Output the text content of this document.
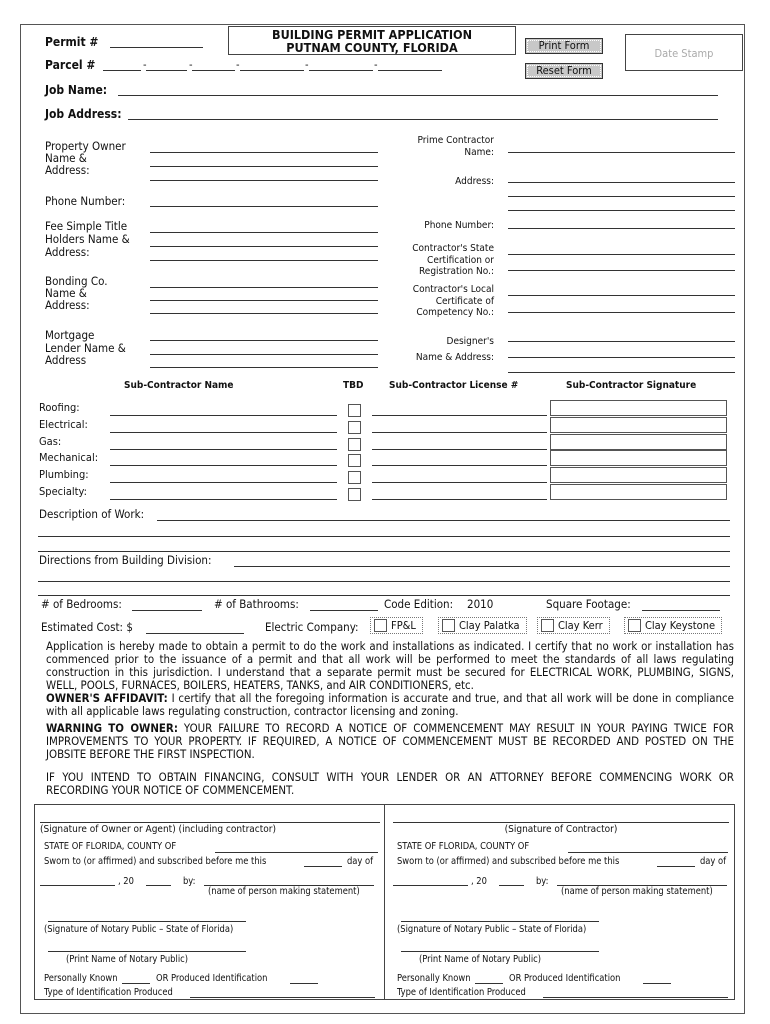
Permit #	BUILDING PERMIT APPLICATION
PUTNAM COUNTY, FLORIDA	Print Form
Reset Form
Date Stamp
Parcel #	-	-	-	-	-
Job Name:
Job Address:
Property Owner
Name &
Address:
Phone Number:
Fee Simple Title
Holders Name &
Address:
Bonding Co.
Name &
Address:
Mortgage
Lender Name &
Address
Prime Contractor
Name:
Address:
Phone Number:
Contractor's State
Certification or
Registration No.:
Contractor's Local
Certificate of
Competency No.:
Designer's
Name & Address:
Sub-Contractor Name	TBD	Sub-Contractor License #	Sub-Contractor Signature
Roofing:
Electrical:
Gas:
Mechanical:
Plumbing:
Specialty:
Description of Work:
Directions from Building Division:
# of Bedrooms:	# of Bathrooms:	Code Edition: 2010	Square Footage:
Estimated Cost: $	Electric Company:	FP&L	Clay Palatka	Clay Kerr	Clay Keystone
Application is hereby made to obtain a permit to do the work and installations as indicated. I certify that no work or installation has commenced prior to the issuance of a permit and that all work will be performed to meet the standards of all laws regulating construction in this jurisdiction. I understand that a separate permit must be secured for ELECTRICAL WORK, PLUMBING, SIGNS, WELL, POOLS, FURNACES, BOILERS, HEATERS, TANKS, and AIR CONDITIONERS, etc.
OWNER'S AFFIDAVIT: I certify that all the foregoing information is accurate and true, and that all work will be done in compliance with all applicable laws regulating construction, contractor licensing and zoning.
WARNING TO OWNER: YOUR FAILURE TO RECORD A NOTICE OF COMMENCEMENT MAY RESULT IN YOUR PAYING TWICE FOR IMPROVEMENTS TO YOUR PROPERTY. IF REQUIRED, A NOTICE OF COMMENCEMENT MUST BE RECORDED AND POSTED ON THE JOBSITE BEFORE THE FIRST INSPECTION.
IF YOU INTEND TO OBTAIN FINANCING, CONSULT WITH YOUR LENDER OR AN ATTORNEY BEFORE COMMENCING WORK OR RECORDING YOUR NOTICE OF COMMENCEMENT.
(Signature of Owner or Agent) (including contractor)
STATE OF FLORIDA, COUNTY OF
Sworn to (or affirmed) and subscribed before me this	day of
, 20	by:
(name of person making statement)
(Signature of Notary Public – State of Florida)
(Print Name of Notary Public)
Personally Known	OR Produced Identification
Type of Identification Produced
(Signature of Contractor)
STATE OF FLORIDA, COUNTY OF
Sworn to (or affirmed) and subscribed before me this	day of
, 20	by:
(name of person making statement)
(Signature of Notary Public – State of Florida)
(Print Name of Notary Public)
Personally Known	OR Produced Identification
Type of Identification Produced
